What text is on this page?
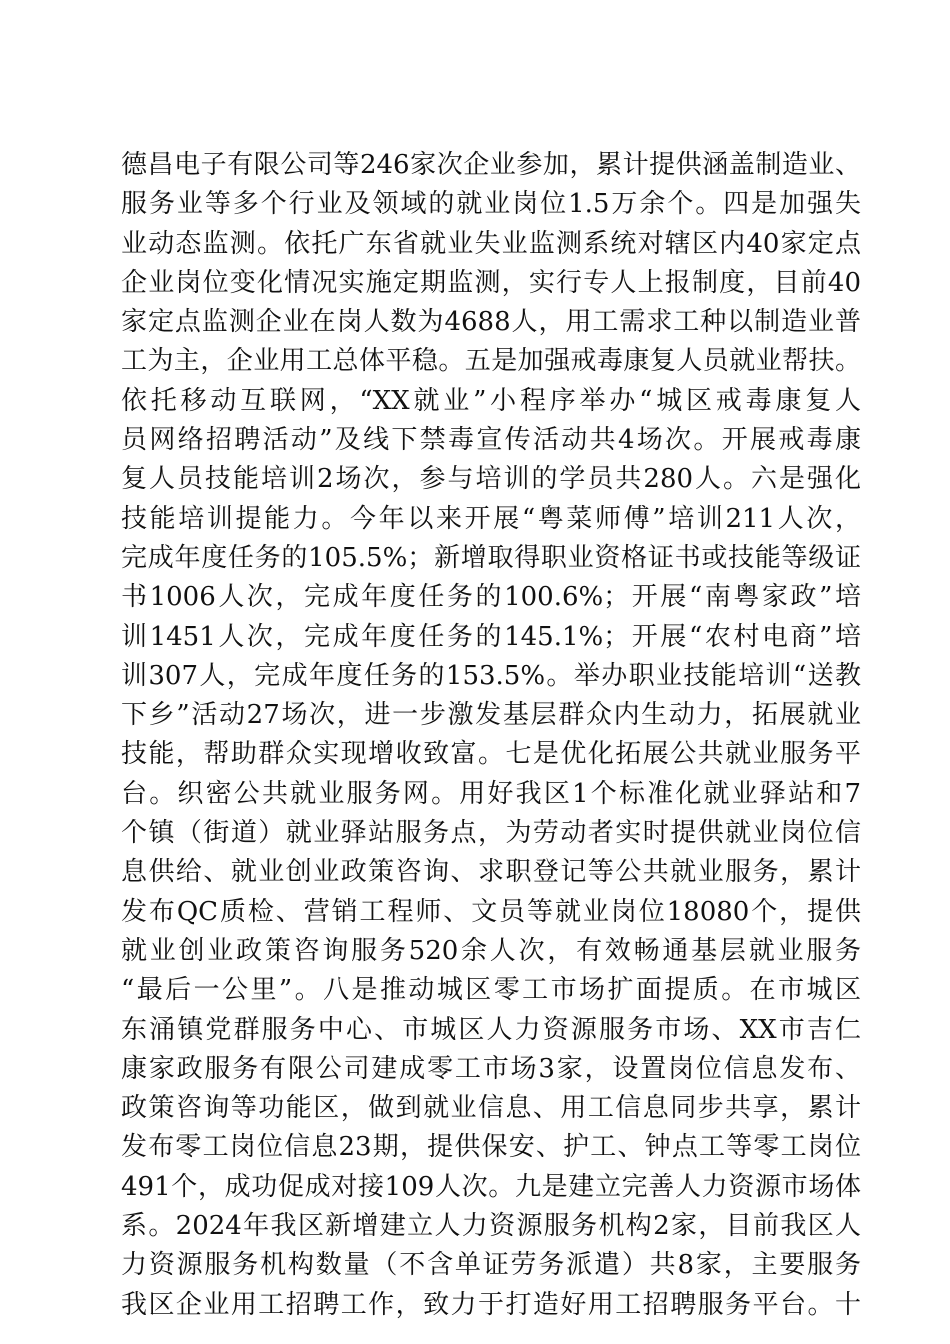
德昌电子有限公司等246家次企业参加，累计提供涵盖制造业、
服务业等多个行业及领域的就业岗位1.5万余个。四是加强失
业动态监测。依托广东省就业失业监测系统对辖区内40家定点
企业岗位变化情况实施定期监测，实行专人上报制度，目前40
家定点监测企业在岗人数为4688人，用工需求工种以制造业普
工为主，企业用工总体平稳。五是加强戒毒康复人员就业帮扶。
依托移动互联网，“XX就业”小程序举办“城区戒毒康复人
员网络招聘活动”及线下禁毒宣传活动共4场次。开展戒毒康
复人员技能培训2场次，参与培训的学员共280人。六是强化
技能培训提能力。今年以来开展“粤菜师傅”培训211人次，
完成年度任务的105.5%；新增取得职业资格证书或技能等级证
书1006人次，完成年度任务的100.6%；开展“南粤家政”培
训1451人次，完成年度任务的145.1%；开展“农村电商”培
训307人，完成年度任务的153.5%。举办职业技能培训“送教
下乡”活动27场次，进一步激发基层群众内生动力，拓展就业
技能，帮助群众实现增收致富。七是优化拓展公共就业服务平
台。织密公共就业服务网。用好我区1个标准化就业驿站和7
个镇（街道）就业驿站服务点，为劳动者实时提供就业岗位信
息供给、就业创业政策咨询、求职登记等公共就业服务，累计
发布QC质检、营销工程师、文员等就业岗位18080个，提供
就业创业政策咨询服务520余人次，有效畅通基层就业服务
“最后一公里”。八是推动城区零工市场扩面提质。在市城区
东涌镇党群服务中心、市城区人力资源服务市场、XX市吉仁
康家政服务有限公司建成零工市场3家，设置岗位信息发布、
政策咨询等功能区，做到就业信息、用工信息同步共享，累计
发布零工岗位信息23期，提供保安、护工、钟点工等零工岗位
491个，成功促成对接109人次。九是建立完善人力资源市场体
系。2024年我区新增建立人力资源服务机构2家，目前我区人
力资源服务机构数量（不含单证劳务派遣）共8家，主要服务
我区企业用工招聘工作，致力于打造好用工招聘服务平台。十
